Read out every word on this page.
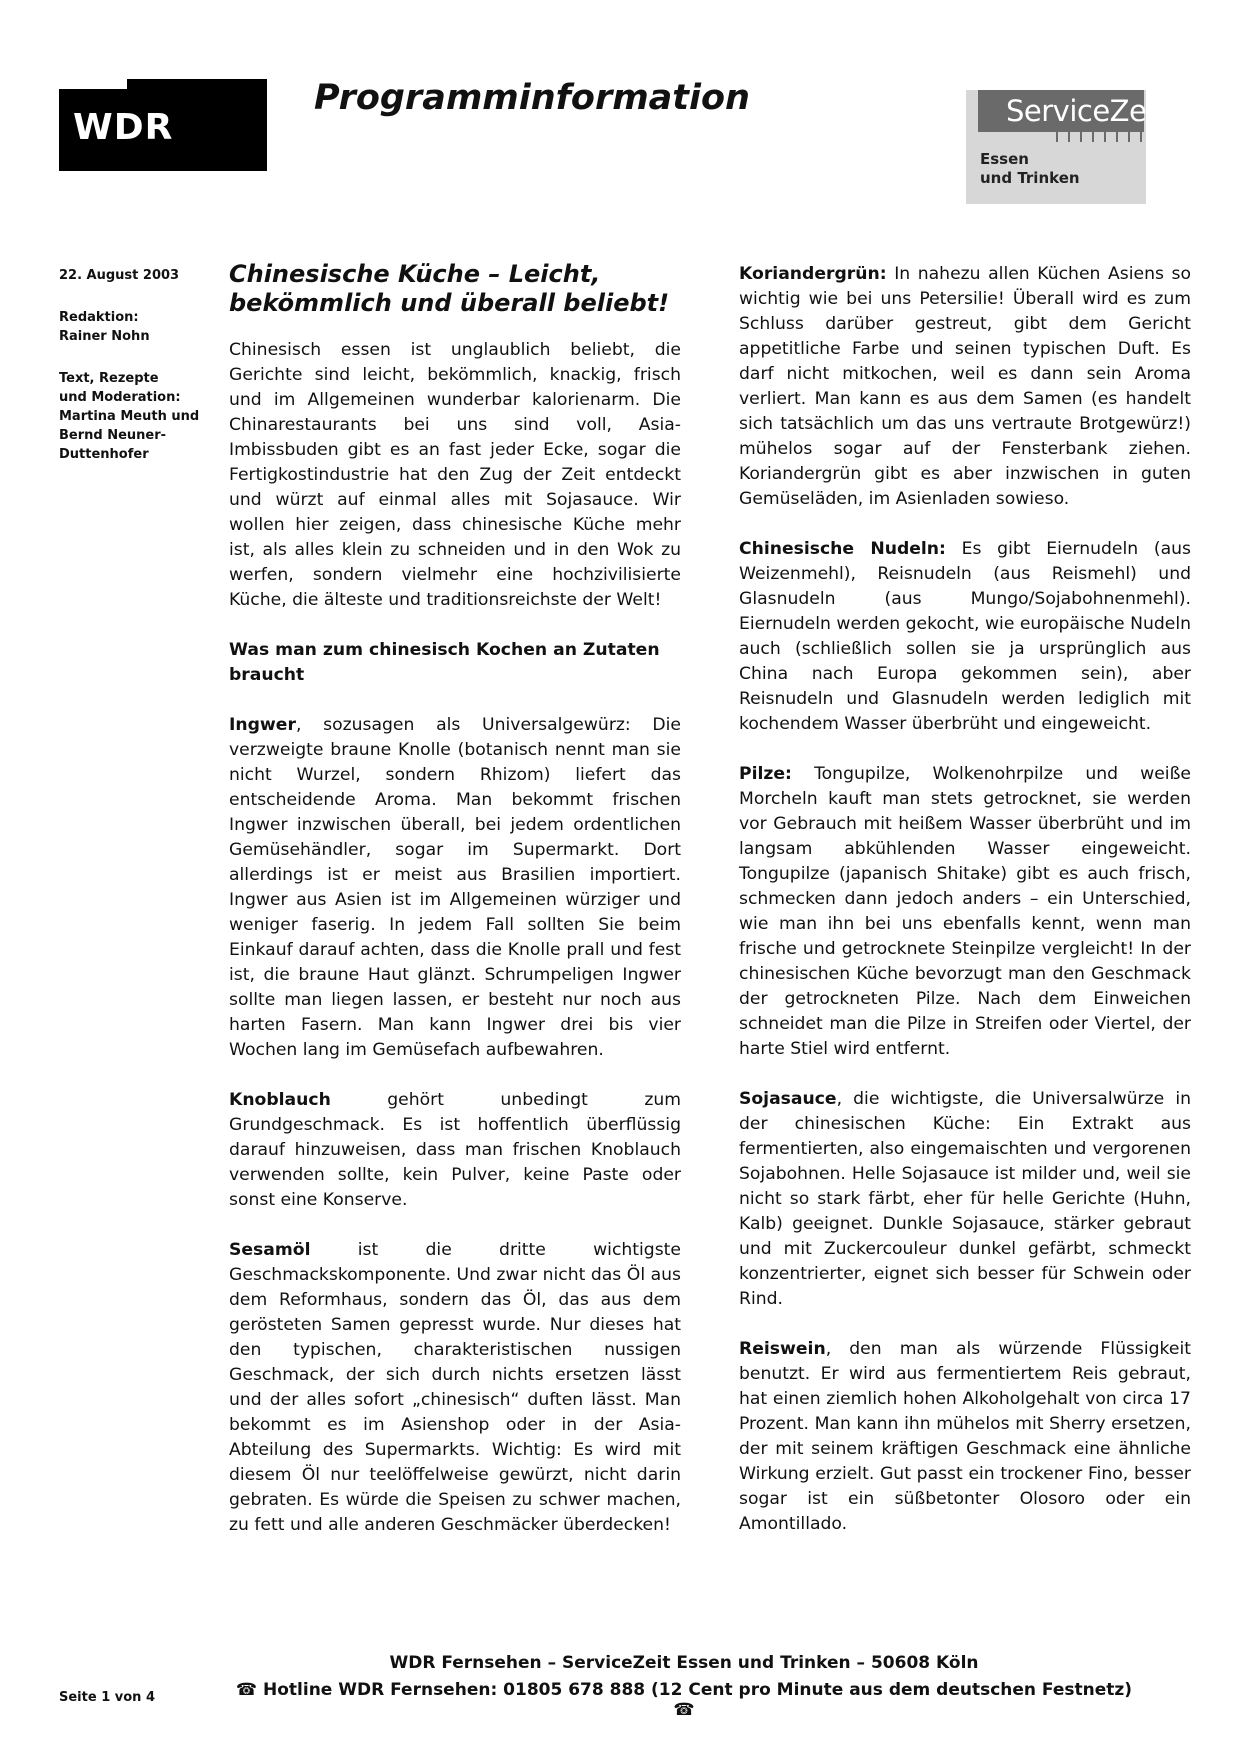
WDR
Programminformation	ServiceZeit
Essen
und Trinken

22. August 2003

Redaktion:
Rainer Nohn

Text, Rezepte
und Moderation:
Martina Meuth und
Bernd Neuner-
Duttenhofer

Chinesische Küche – Leicht, bekömmlich und überall beliebt!

Chinesisch essen ist unglaublich beliebt, die Gerichte sind leicht, bekömmlich, knackig, frisch und im Allgemeinen wunderbar kalorienarm. Die Chinarestaurants bei uns sind voll, Asia-Imbissbuden gibt es an fast jeder Ecke, sogar die Fertigkostindustrie hat den Zug der Zeit entdeckt und würzt auf einmal alles mit Sojasauce. Wir wollen hier zeigen, dass chinesische Küche mehr ist, als alles klein zu schneiden und in den Wok zu werfen, sondern vielmehr eine hochzivilisierte Küche, die älteste und traditionsreichste der Welt!

Was man zum chinesisch Kochen an Zutaten braucht

Ingwer, sozusagen als Universalgewürz: Die verzweigte braune Knolle (botanisch nennt man sie nicht Wurzel, sondern Rhizom) liefert das entscheidende Aroma. Man bekommt frischen Ingwer inzwischen überall, bei jedem ordentlichen Gemüsehändler, sogar im Supermarkt. Dort allerdings ist er meist aus Brasilien importiert. Ingwer aus Asien ist im Allgemeinen würziger und weniger faserig. In jedem Fall sollten Sie beim Einkauf darauf achten, dass die Knolle prall und fest ist, die braune Haut glänzt. Schrumpeligen Ingwer sollte man liegen lassen, er besteht nur noch aus harten Fasern. Man kann Ingwer drei bis vier Wochen lang im Gemüsefach aufbewahren.

Knoblauch gehört unbedingt zum Grundgeschmack. Es ist hoffentlich überflüssig darauf hinzuweisen, dass man frischen Knoblauch verwenden sollte, kein Pulver, keine Paste oder sonst eine Konserve.

Sesamöl ist die dritte wichtigste Geschmackskomponente. Und zwar nicht das Öl aus dem Reformhaus, sondern das Öl, das aus dem gerösteten Samen gepresst wurde. Nur dieses hat den typischen, charakteristischen nussigen Geschmack, der sich durch nichts ersetzen lässt und der alles sofort „chinesisch“ duften lässt. Man bekommt es im Asienshop oder in der Asia-Abteilung des Supermarkts. Wichtig: Es wird mit diesem Öl nur teelöffelweise gewürzt, nicht darin gebraten. Es würde die Speisen zu schwer machen, zu fett und alle anderen Geschmäcker überdecken!

Koriandergrün: In nahezu allen Küchen Asiens so wichtig wie bei uns Petersilie! Überall wird es zum Schluss darüber gestreut, gibt dem Gericht appetitliche Farbe und seinen typischen Duft. Es darf nicht mitkochen, weil es dann sein Aroma verliert. Man kann es aus dem Samen (es handelt sich tatsächlich um das uns vertraute Brotgewürz!) mühelos sogar auf der Fensterbank ziehen. Koriandergrün gibt es aber inzwischen in guten Gemüseläden, im Asienladen sowieso.

Chinesische Nudeln: Es gibt Eiernudeln (aus Weizenmehl), Reisnudeln (aus Reismehl) und Glasnudeln (aus Mungo/Sojabohnenmehl). Eiernudeln werden gekocht, wie europäische Nudeln auch (schließlich sollen sie ja ursprünglich aus China nach Europa gekommen sein), aber Reisnudeln und Glasnudeln werden lediglich mit kochendem Wasser überbrüht und eingeweicht.

Pilze: Tongupilze, Wolkenohrpilze und weiße Morcheln kauft man stets getrocknet, sie werden vor Gebrauch mit heißem Wasser überbrüht und im langsam abkühlenden Wasser eingeweicht. Tongupilze (japanisch Shitake) gibt es auch frisch, schmecken dann jedoch anders – ein Unterschied, wie man ihn bei uns ebenfalls kennt, wenn man frische und getrocknete Steinpilze vergleicht! In der chinesischen Küche bevorzugt man den Geschmack der getrockneten Pilze. Nach dem Einweichen schneidet man die Pilze in Streifen oder Viertel, der harte Stiel wird entfernt.

Sojasauce, die wichtigste, die Universalwürze in der chinesischen Küche: Ein Extrakt aus fermentierten, also eingemaischten und vergorenen Sojabohnen. Helle Sojasauce ist milder und, weil sie nicht so stark färbt, eher für helle Gerichte (Huhn, Kalb) geeignet. Dunkle Sojasauce, stärker gebraut und mit Zuckercouleur dunkel gefärbt, schmeckt konzentrierter, eignet sich besser für Schwein oder Rind.

Reiswein, den man als würzende Flüssigkeit benutzt. Er wird aus fermentiertem Reis gebraut, hat einen ziemlich hohen Alkoholgehalt von circa 17 Prozent. Man kann ihn mühelos mit Sherry ersetzen, der mit seinem kräftigen Geschmack eine ähnliche Wirkung erzielt. Gut passt ein trockener Fino, besser sogar ist ein süßbetonter Olosoro oder ein Amontillado.

WDR Fernsehen – ServiceZeit Essen und Trinken – 50608 Köln
☎ Hotline WDR Fernsehen: 01805 678 888 (12 Cent pro Minute aus dem deutschen Festnetz) ☎
Seite 1 von 4
